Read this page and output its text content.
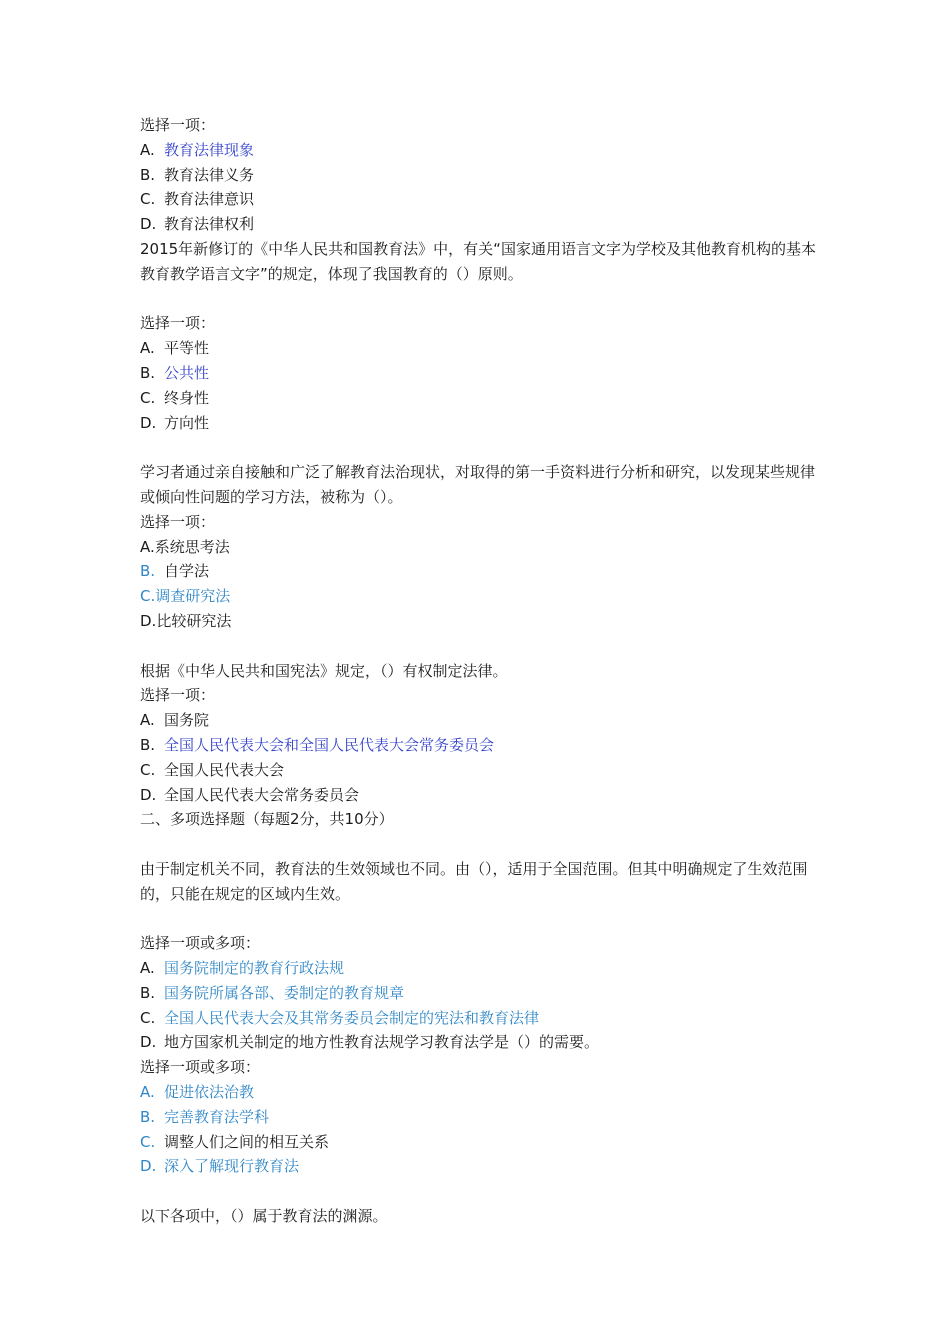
选择一项：
A. 教育法律现象
B. 教育法律义务
C. 教育法律意识
D. 教育法律权利
2015年新修订的《中华人民共和国教育法》中，有关“国家通用语言文字为学校及其他教育机构的基本教育教学语言文字”的规定，体现了我国教育的（）原则。
选择一项：
A. 平等性
B. 公共性
C. 终身性
D. 方向性
学习者通过亲自接触和广泛了解教育法治现状，对取得的第一手资料进行分析和研究，以发现某些规律或倾向性问题的学习方法，被称为（）。
选择一项：
A. 系统思考法
B. 自学法
C. 调查研究法
D. 比较研究法
根据《中华人民共和国宪法》规定，（）有权制定法律。
选择一项：
A. 国务院
B. 全国人民代表大会和全国人民代表大会常务委员会
C. 全国人民代表大会
D. 全国人民代表大会常务委员会
二、多项选择题（每题2分，共10分）
由于制定机关不同，教育法的生效领域也不同。由（），适用于全国范围。但其中明确规定了生效范围的，只能在规定的区域内生效。
选择一项或多项：
A. 国务院制定的教育行政法规
B. 国务院所属各部、委制定的教育规章
C. 全国人民代表大会及其常务委员会制定的宪法和教育法律
D. 地方国家机关制定的地方性教育法规学习教育法学是（）的需要。
选择一项或多项：
A. 促进依法治教
B. 完善教育法学科
C. 调整人们之间的相互关系
D. 深入了解现行教育法
以下各项中，（）属于教育法的渊源。
